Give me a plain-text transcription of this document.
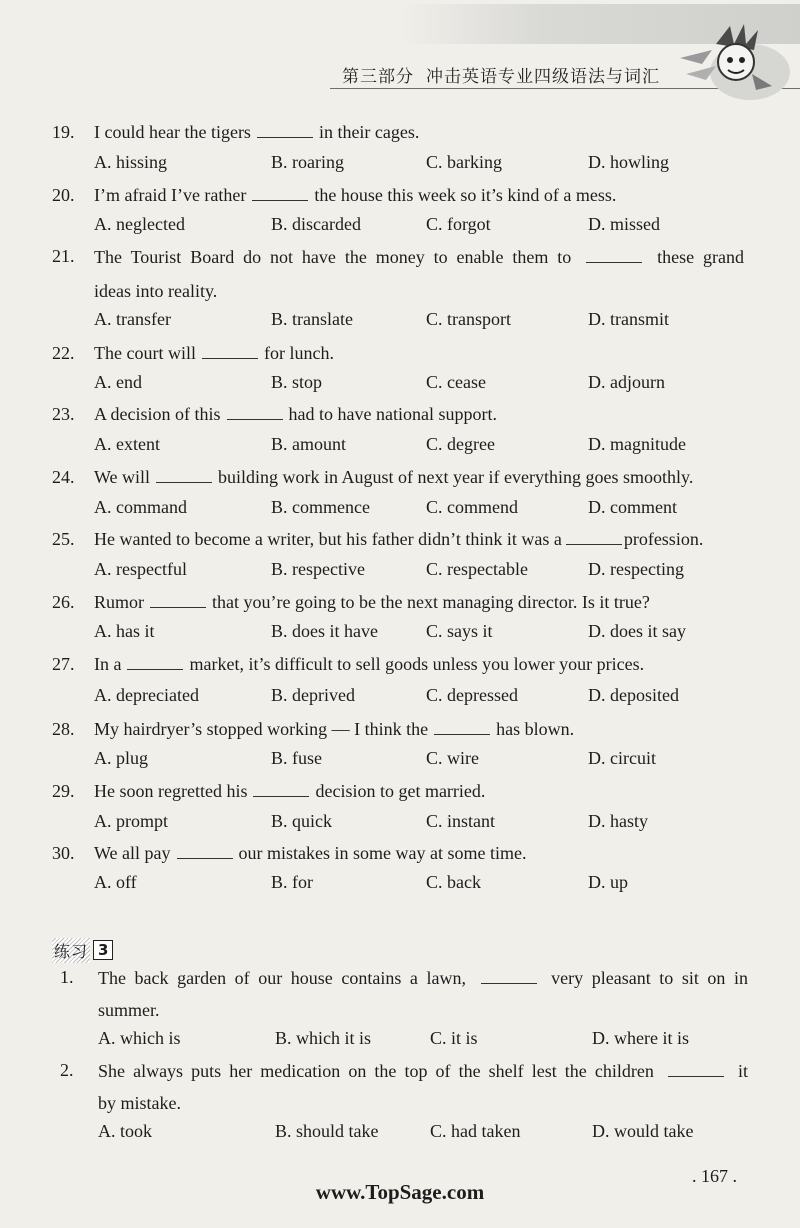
第三部分 冲击英语专业四级语法与词汇
19. I could hear the tigers	in their cages.
A. hissing	B. roaring	C. barking	D. howling
20. I’m afraid I’ve rather	the house this week so it’s kind of a mess.
A. neglected	B. discarded	C. forgot	D. missed
21. The Tourist Board do not have the money to enable them to	these grand
ideas into reality.
A. transfer	B. translate	C. transport	D. transmit
22. The court will	for lunch.
A. end	B. stop	C. cease	D. adjourn
23. A decision of this	had to have national support.
A. extent	B. amount	C. degree	D. magnitude
24. We will	building work in August of next year if everything goes smoothly.
A. command	B. commence	C. commend	D. comment
25. He wanted to become a writer, but his father didn’t think it was a	profession.
A. respectful	B. respective	C. respectable	D. respecting
26. Rumor	that you’re going to be the next managing director. Is it true?
A. has it	B. does it have	C. says it	D. does it say
27. In a	market, it’s difficult to sell goods unless you lower your prices.
A. depreciated	B. deprived	C. depressed	D. deposited
28. My hairdryer’s stopped working — I think the	has blown.
A. plug	B. fuse	C. wire	D. circuit
29. He soon regretted his	decision to get married.
A. prompt	B. quick	C. instant	D. hasty
30. We all pay	our mistakes in some way at some time.
A. off	B. for	C. back	D. up
练习 3
1. The back garden of our house contains a lawn,	very pleasant to sit on in
summer.
A. which is	B. which it is	C. it is	D. where it is
2. She always puts her medication on the top of the shelf lest the children	it
by mistake.
A. took	B. should take	C. had taken	D. would take
. 167 .
www.TopSage.com
